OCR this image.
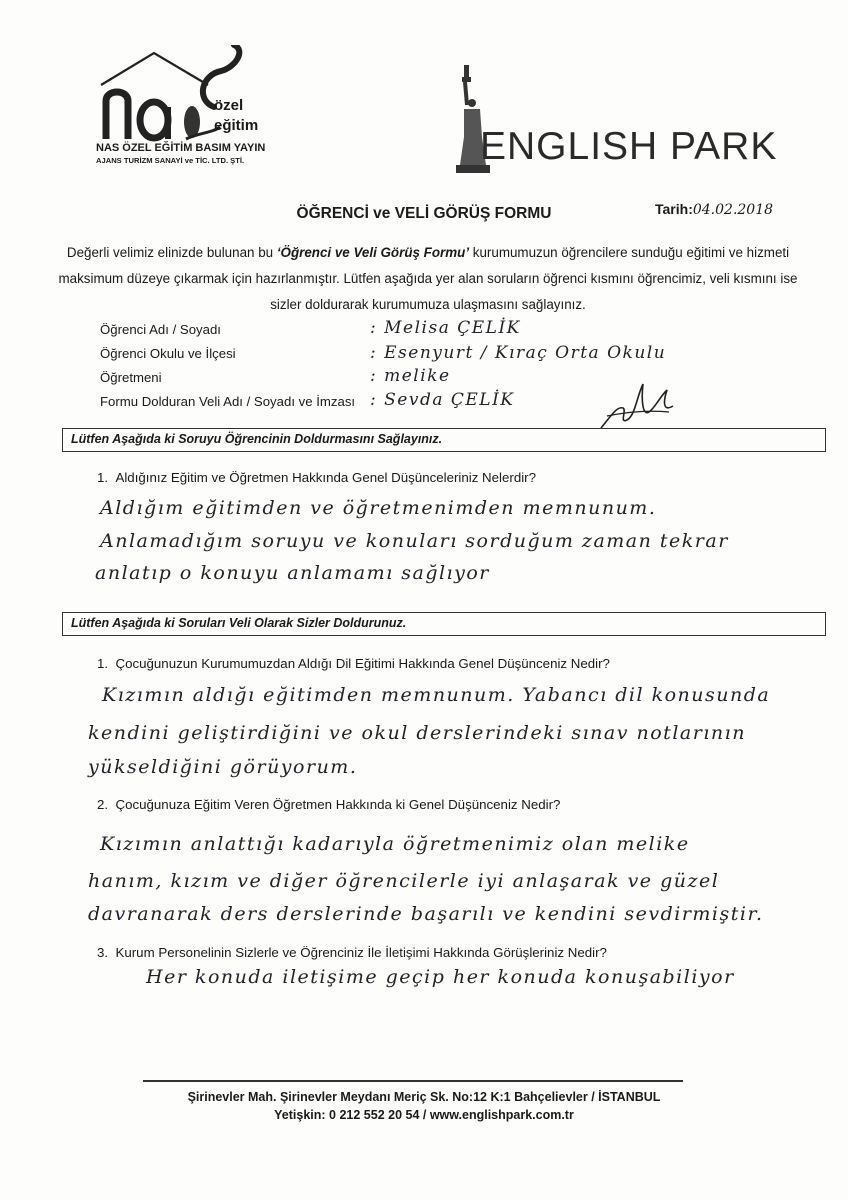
özel
eğitim
NAS ÖZEL EĞİTİM BASIM YAYIN
AJANS TURİZM SANAYİ ve TİC. LTD. ŞTİ.	ENGLISH PARK
ÖĞRENCİ ve VELİ GÖRÜŞ FORMU	Tarih:04.02.2018
Değerli velimiz elinizde bulunan bu ‘Öğrenci ve Veli Görüş Formu’ kurumumuzun öğrencilere sunduğu eğitimi ve hizmeti maksimum düzeye çıkarmak için hazırlanmıştır. Lütfen aşağıda yer alan soruların öğrenci kısmını öğrencimiz, veli kısmını ise sizler doldurarak kurumumuza ulaşmasını sağlayınız.
Öğrenci Adı / Soyadı	: Melisa ÇELİK
Öğrenci Okulu ve İlçesi	: Esenyurt / Kıraç Orta Okulu
Öğretmeni	: melike
Formu Dolduran Veli Adı / Soyadı ve İmzası : Sevda ÇELİK
Lütfen Aşağıda ki Soruyu Öğrencinin Doldurmasını Sağlayınız.
1.  Aldığınız Eğitim ve Öğretmen Hakkında Genel Düşünceleriniz Nelerdir?
Aldığım eğitimden ve öğretmenimden memnunum.
Anlamadığım soruyu ve konuları sorduğum zaman tekrar
anlatıp o konuyu anlamamı sağlıyor
Lütfen Aşağıda ki Soruları Veli Olarak Sizler Doldurunuz.
1.  Çocuğunuzun Kurumumuzdan Aldığı Dil Eğitimi Hakkında Genel Düşünceniz Nedir?
Kızımın aldığı eğitimden memnunum. Yabancı dil konusunda
kendini geliştirdiğini ve okul derslerindeki sınav notlarının
yükseldiğini görüyorum.
2.  Çocuğunuza Eğitim Veren Öğretmen Hakkında ki Genel Düşünceniz Nedir?
Kızımın anlattığı kadarıyla öğretmenimiz olan melike
hanım, kızım ve diğer öğrencilerle iyi anlaşarak ve güzel
davranarak ders derslerinde başarılı ve kendini sevdirmiştir.
3.  Kurum Personelinin Sizlerle ve Öğrenciniz İle İletişimi Hakkında Görüşleriniz Nedir?
Her konuda iletişime geçip her konuda konuşabiliyor
Şirinevler Mah. Şirinevler Meydanı Meriç Sk. No:12 K:1 Bahçelievler / İSTANBUL
Yetişkin: 0 212 552 20 54 / www.englishpark.com.tr
